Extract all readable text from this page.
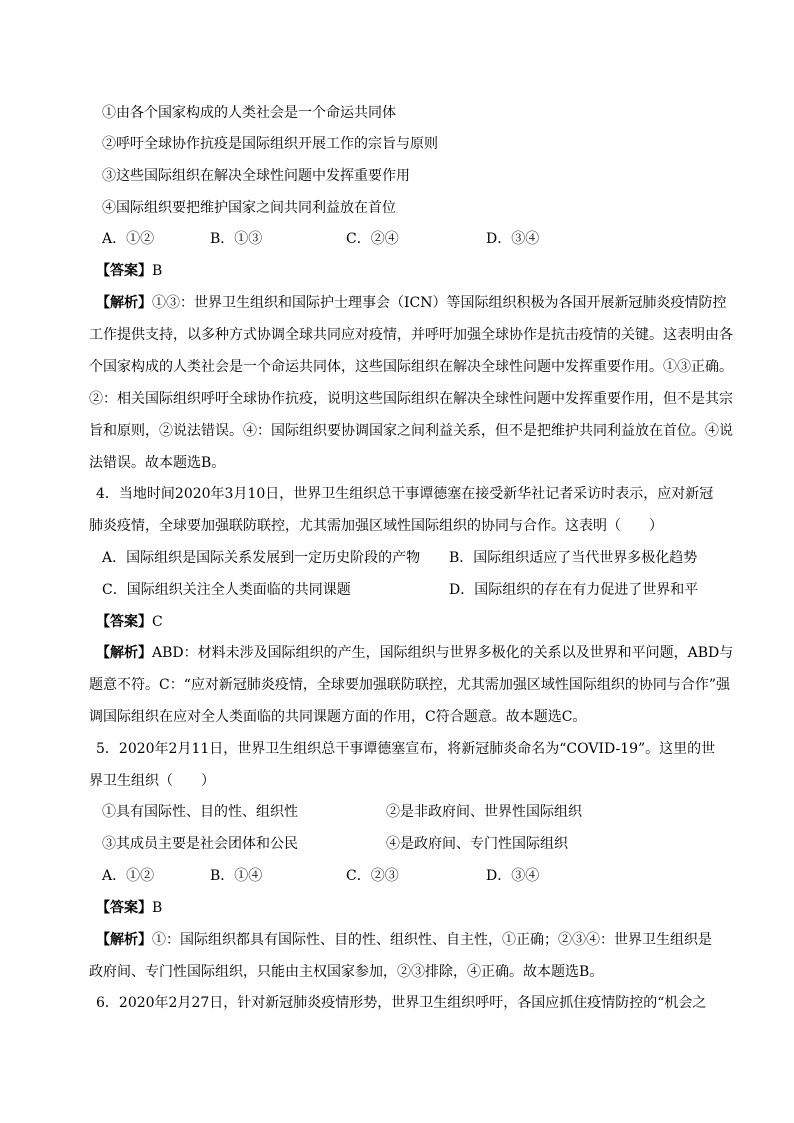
①由各个国家构成的人类社会是一个命运共同体
②呼吁全球协作抗疫是国际组织开展工作的宗旨与原则
③这些国际组织在解决全球性问题中发挥重要作用
④国际组织要把维护国家之间共同利益放在首位
A．①②	B．①③	C．②④	D．③④
【答案】B
【解析】①③：世界卫生组织和国际护士理事会（ICN）等国际组织积极为各国开展新冠肺炎疫情防控
工作提供支持，以多种方式协调全球共同应对疫情，并呼吁加强全球协作是抗击疫情的关键。这表明由各
个国家构成的人类社会是一个命运共同体，这些国际组织在解决全球性问题中发挥重要作用。①③正确。
②：相关国际组织呼吁全球协作抗疫，说明这些国际组织在解决全球性问题中发挥重要作用，但不是其宗
旨和原则，②说法错误。④：国际组织要协调国家之间利益关系，但不是把维护共同利益放在首位。④说
法错误。故本题选B。
4．当地时间2020年3月10日，世界卫生组织总干事谭德塞在接受新华社记者采访时表示，应对新冠
肺炎疫情，全球要加强联防联控，尤其需加强区域性国际组织的协同与合作。这表明（　　）
A．国际组织是国际关系发展到一定历史阶段的产物 B．国际组织适应了当代世界多极化趋势
C．国际组织关注全人类面临的共同课题	D．国际组织的存在有力促进了世界和平
【答案】C
【解析】ABD：材料未涉及国际组织的产生，国际组织与世界多极化的关系以及世界和平问题，ABD与
题意不符。C：“应对新冠肺炎疫情，全球要加强联防联控，尤其需加强区域性国际组织的协同与合作”强
调国际组织在应对全人类面临的共同课题方面的作用，C符合题意。故本题选C。
5．2020年2月11日，世界卫生组织总干事谭德塞宣布，将新冠肺炎命名为“COVID-19”。这里的世
界卫生组织（　　）
①具有国际性、目的性、组织性	②是非政府间、世界性国际组织
③其成员主要是社会团体和公民	④是政府间、专门性国际组织
A．①②	B．①④	C．②③	D．③④
【答案】B
【解析】①：国际组织都具有国际性、目的性、组织性、自主性，①正确；②③④：世界卫生组织是
政府间、专门性国际组织，只能由主权国家参加，②③排除，④正确。故本题选B。
6．2020年2月27日，针对新冠肺炎疫情形势，世界卫生组织呼吁，各国应抓住疫情防控的“机会之
